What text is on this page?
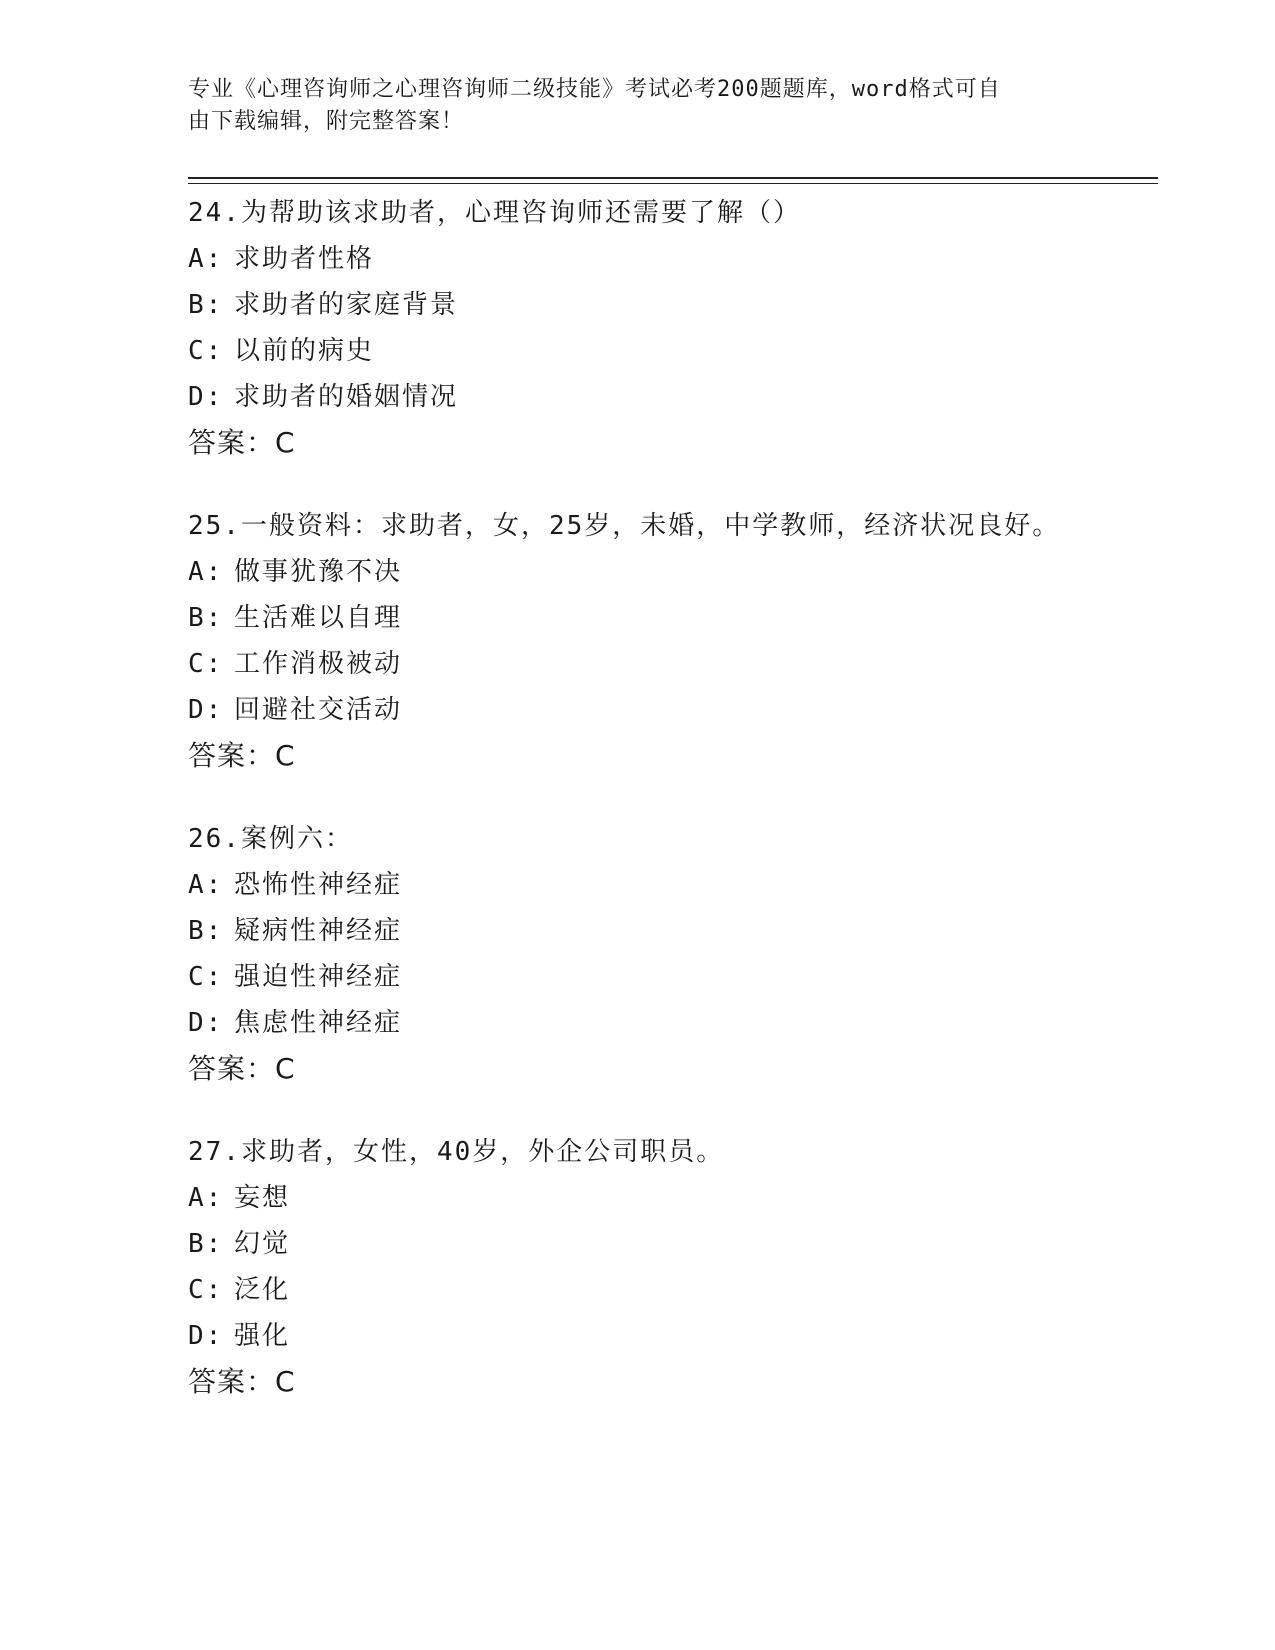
专业《心理咨询师之心理咨询师二级技能》考试必考200题题库，word格式可自
由下载编辑，附完整答案！
24.为帮助该求助者，心理咨询师还需要了解（）
A: 求助者性格
B: 求助者的家庭背景
C: 以前的病史
D: 求助者的婚姻情况
答案：C
25.一般资料：求助者，女，25岁，未婚，中学教师，经济状况良好。
A: 做事犹豫不决
B: 生活难以自理
C: 工作消极被动
D: 回避社交活动
答案：C
26.案例六：
A: 恐怖性神经症
B: 疑病性神经症
C: 强迫性神经症
D: 焦虑性神经症
答案：C
27.求助者，女性，40岁，外企公司职员。
A: 妄想
B: 幻觉
C: 泛化
D: 强化
答案：C
